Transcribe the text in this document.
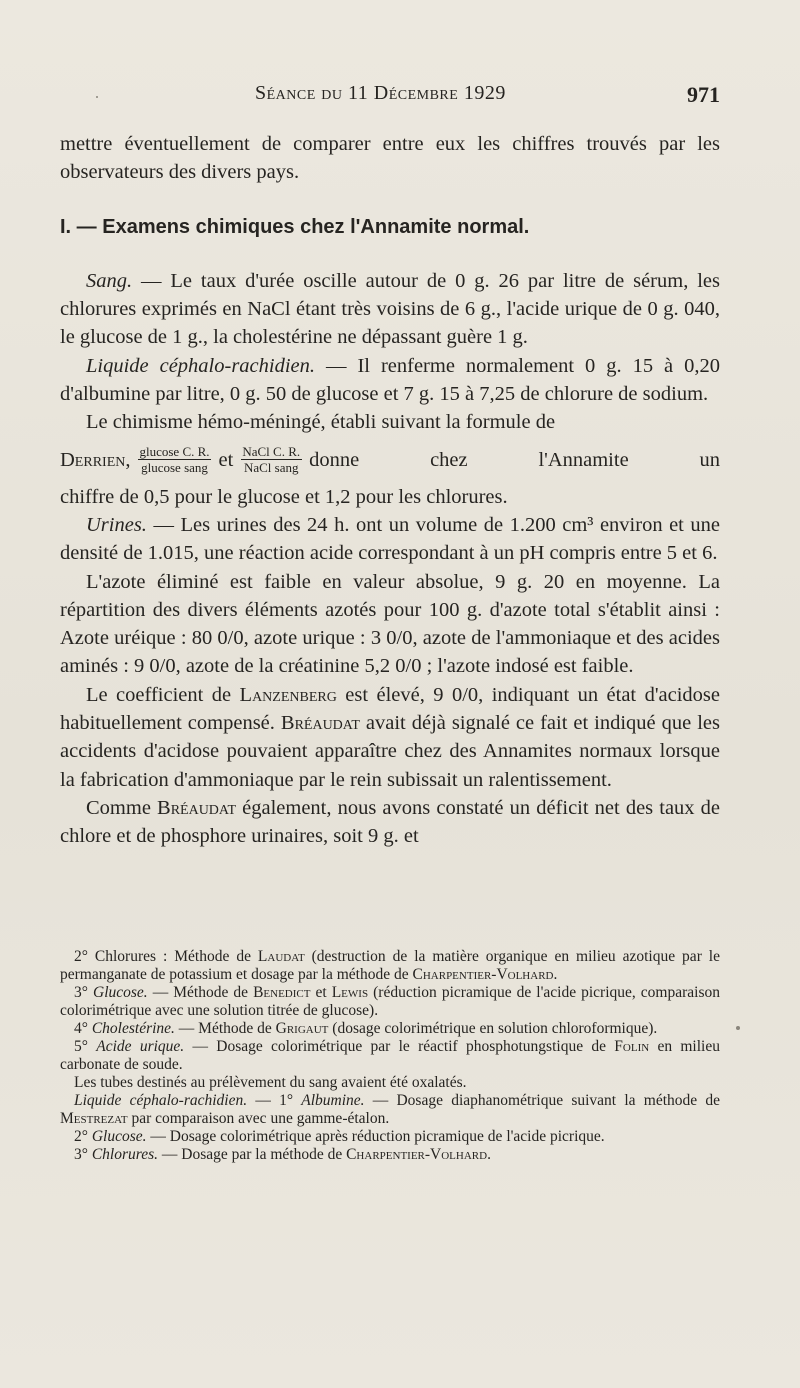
Séance du 11 Décembre 1929	971

mettre éventuellement de comparer entre eux les chiffres trouvés par les observateurs des divers pays.

I. — Examens chimiques chez l'Annamite normal.

Sang. — Le taux d'urée oscille autour de 0 g. 26 par litre de sérum, les chlorures exprimés en NaCl étant très voisins de 6 g., l'acide urique de 0 g. 040, le glucose de 1 g., la cholestérine ne dépassant guère 1 g.

Liquide céphalo-rachidien. — Il renferme normalement 0 g. 15 à 0,20 d'albumine par litre, 0 g. 50 de glucose et 7 g. 15 à 7,25 de chlorure de sodium.

Le chimisme hémo-méningé, établi suivant la formule de

Derrien, $\frac{\text{glucose C. R.}}{\text{glucose sang}}$ et $\frac{\text{NaCl C. R.}}{\text{NaCl sang}}$ donne chez l'Annamite un

chiffre de 0,5 pour le glucose et 1,2 pour les chlorures.

Urines. — Les urines des 24 h. ont un volume de 1.200 cm³ environ et une densité de 1.015, une réaction acide correspondant à un pH compris entre 5 et 6.

L'azote éliminé est faible en valeur absolue, 9 g. 20 en moyenne. La répartition des divers éléments azotés pour 100 g. d'azote total s'établit ainsi : Azote uréique : 80 0/0, azote urique : 3 0/0, azote de l'ammoniaque et des acides aminés : 9 0/0, azote de la créatinine 5,2 0/0 ; l'azote indosé est faible.

Le coefficient de Lanzenberg est élevé, 9 0/0, indiquant un état d'acidose habituellement compensé. Bréaudat avait déjà signalé ce fait et indiqué que les accidents d'acidose pouvaient apparaître chez des Annamites normaux lorsque la fabrication d'ammoniaque par le rein subissait un ralentissement.

Comme Bréaudat également, nous avons constaté un déficit net des taux de chlore et de phosphore urinaires, soit 9 g. et

2° Chlorures : Méthode de Laudat (destruction de la matière organique en milieu azotique par le permanganate de potassium et dosage par la méthode de Charpentier-Volhard.

3° Glucose. — Méthode de Benedict et Lewis (réduction picramique de l'acide picrique, comparaison colorimétrique avec une solution titrée de glucose).

4° Cholestérine. — Méthode de Grigaut (dosage colorimétrique en solution chloroformique).

5° Acide urique. — Dosage colorimétrique par le réactif phosphotungstique de Folin en milieu carbonate de soude.

Les tubes destinés au prélèvement du sang avaient été oxalatés.

Liquide céphalo-rachidien. — 1° Albumine. — Dosage diaphanométrique suivant la méthode de Mestrezat par comparaison avec une gamme-étalon.

2° Glucose. — Dosage colorimétrique après réduction picramique de l'acide picrique.

3° Chlorures. — Dosage par la méthode de Charpentier-Volhard.
